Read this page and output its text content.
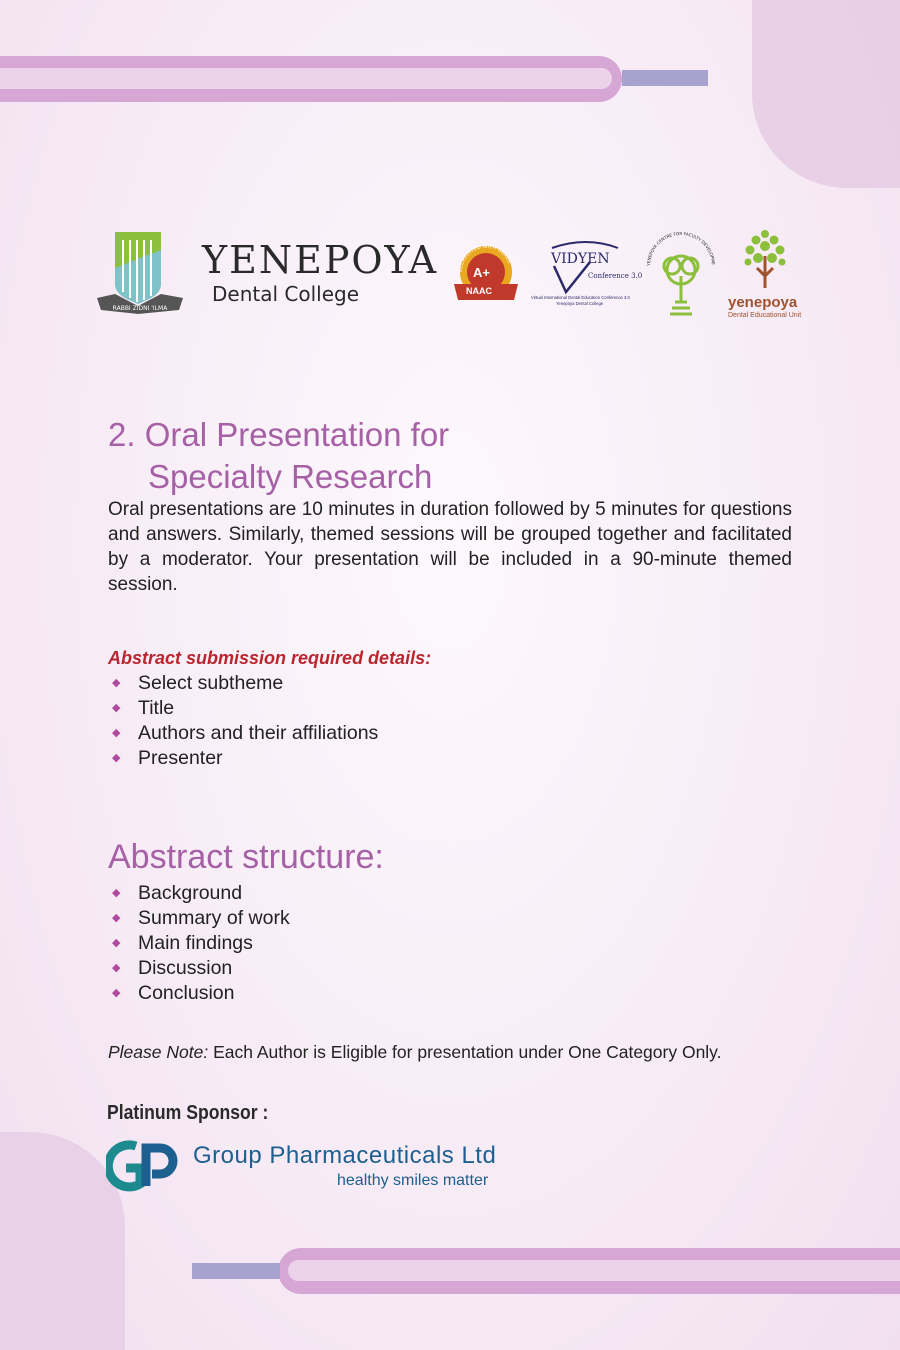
RABBI ZIDNI 'ILMA
YENEPOYA
Dental College
ACCREDITED WITH GRADE
A+
NAAC
VIDYEN
Conference 3.0
Virtual International Dental Education Conference 3.0
Yenepoya Dental College
YENEPOYA CENTRE FOR FACULTY DEVELOPME
yenepoya
Dental Educational Unit
2. Oral Presentation for
Specialty Research
Oral presentations are 10 minutes in duration followed by 5 minutes for questions and answers. Similarly, themed sessions will be grouped together and facilitated by a moderator. Your presentation will be included in a 90-minute themed session.
Abstract submission required details:
◆ Select subtheme
◆ Title
◆ Authors and their affiliations
◆ Presenter
Abstract structure:
◆ Background
◆ Summary of work
◆ Main findings
◆ Discussion
◆ Conclusion
Please Note: Each Author is Eligible for presentation under One Category Only.
Platinum Sponsor :
Group Pharmaceuticals Ltd
healthy smiles matter
